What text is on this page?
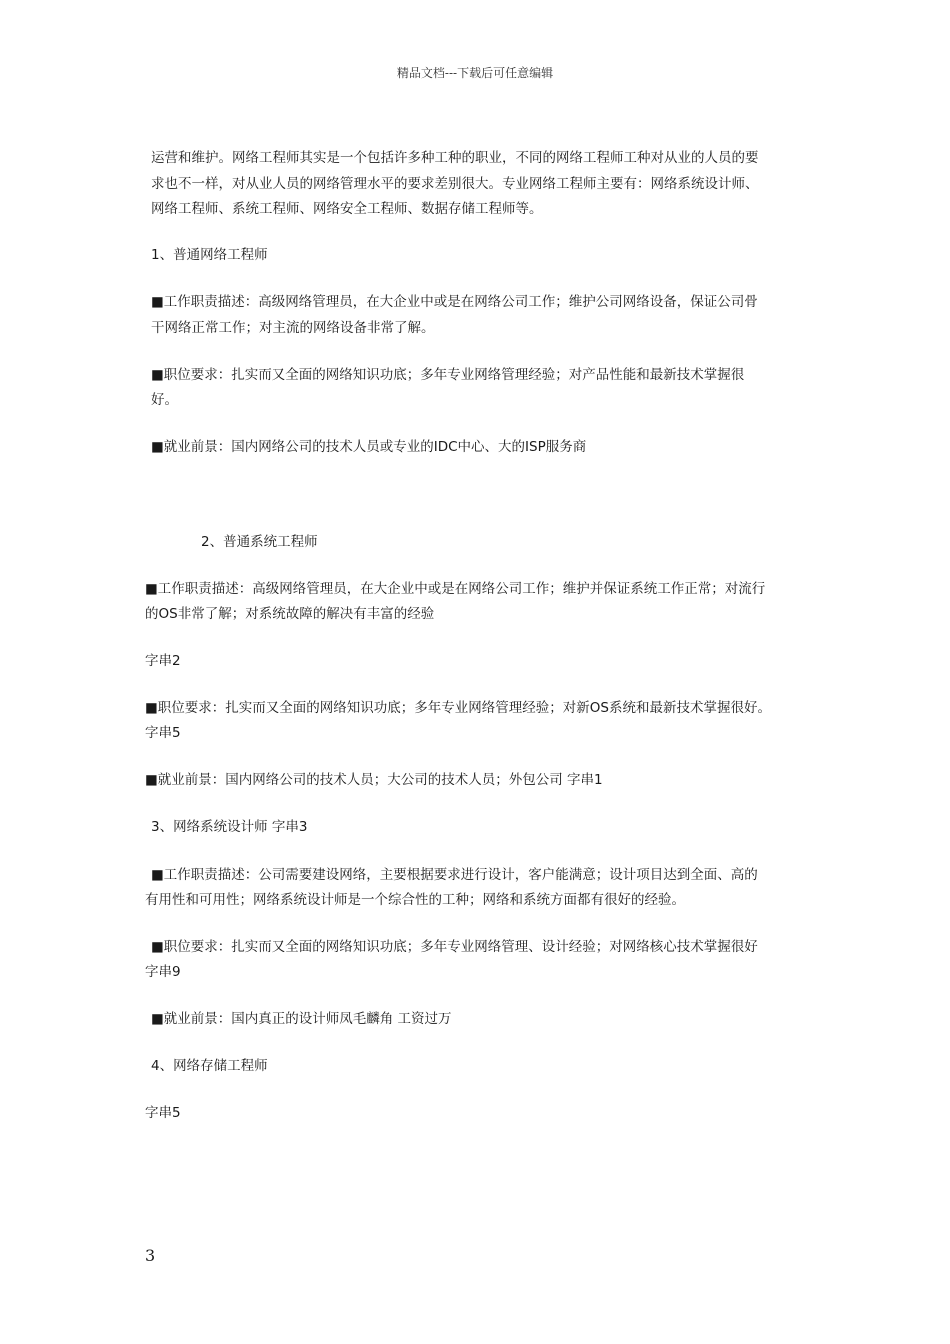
精品文档---下载后可任意编辑
运营和维护。网络工程师其实是一个包括许多种工种的职业，不同的网络工程师工种对从业的人员的要
求也不一样，对从业人员的网络管理水平的要求差别很大。专业网络工程师主要有：网络系统设计师、
网络工程师、系统工程师、网络安全工程师、数据存储工程师等。
1、普通网络工程师
■工作职责描述：高级网络管理员，在大企业中或是在网络公司工作；维护公司网络设备，保证公司骨
干网络正常工作；对主流的网络设备非常了解。
■职位要求：扎实而又全面的网络知识功底；多年专业网络管理经验；对产品性能和最新技术掌握很
好。
■就业前景：国内网络公司的技术人员或专业的IDC中心、大的ISP服务商
2、普通系统工程师
■工作职责描述：高级网络管理员，在大企业中或是在网络公司工作；维护并保证系统工作正常；对流行
的OS非常了解；对系统故障的解决有丰富的经验
字串2
■职位要求：扎实而又全面的网络知识功底；多年专业网络管理经验；对新OS系统和最新技术掌握很好。
字串5
■就业前景：国内网络公司的技术人员；大公司的技术人员；外包公司 字串1
3、网络系统设计师 字串3
■工作职责描述：公司需要建设网络，主要根据要求进行设计，客户能满意；设计项目达到全面、高的
有用性和可用性；网络系统设计师是一个综合性的工种；网络和系统方面都有很好的经验。
■职位要求：扎实而又全面的网络知识功底；多年专业网络管理、设计经验；对网络核心技术掌握很好
字串9
■就业前景：国内真正的设计师凤毛麟角 工资过万
4、网络存储工程师
字串5
3
